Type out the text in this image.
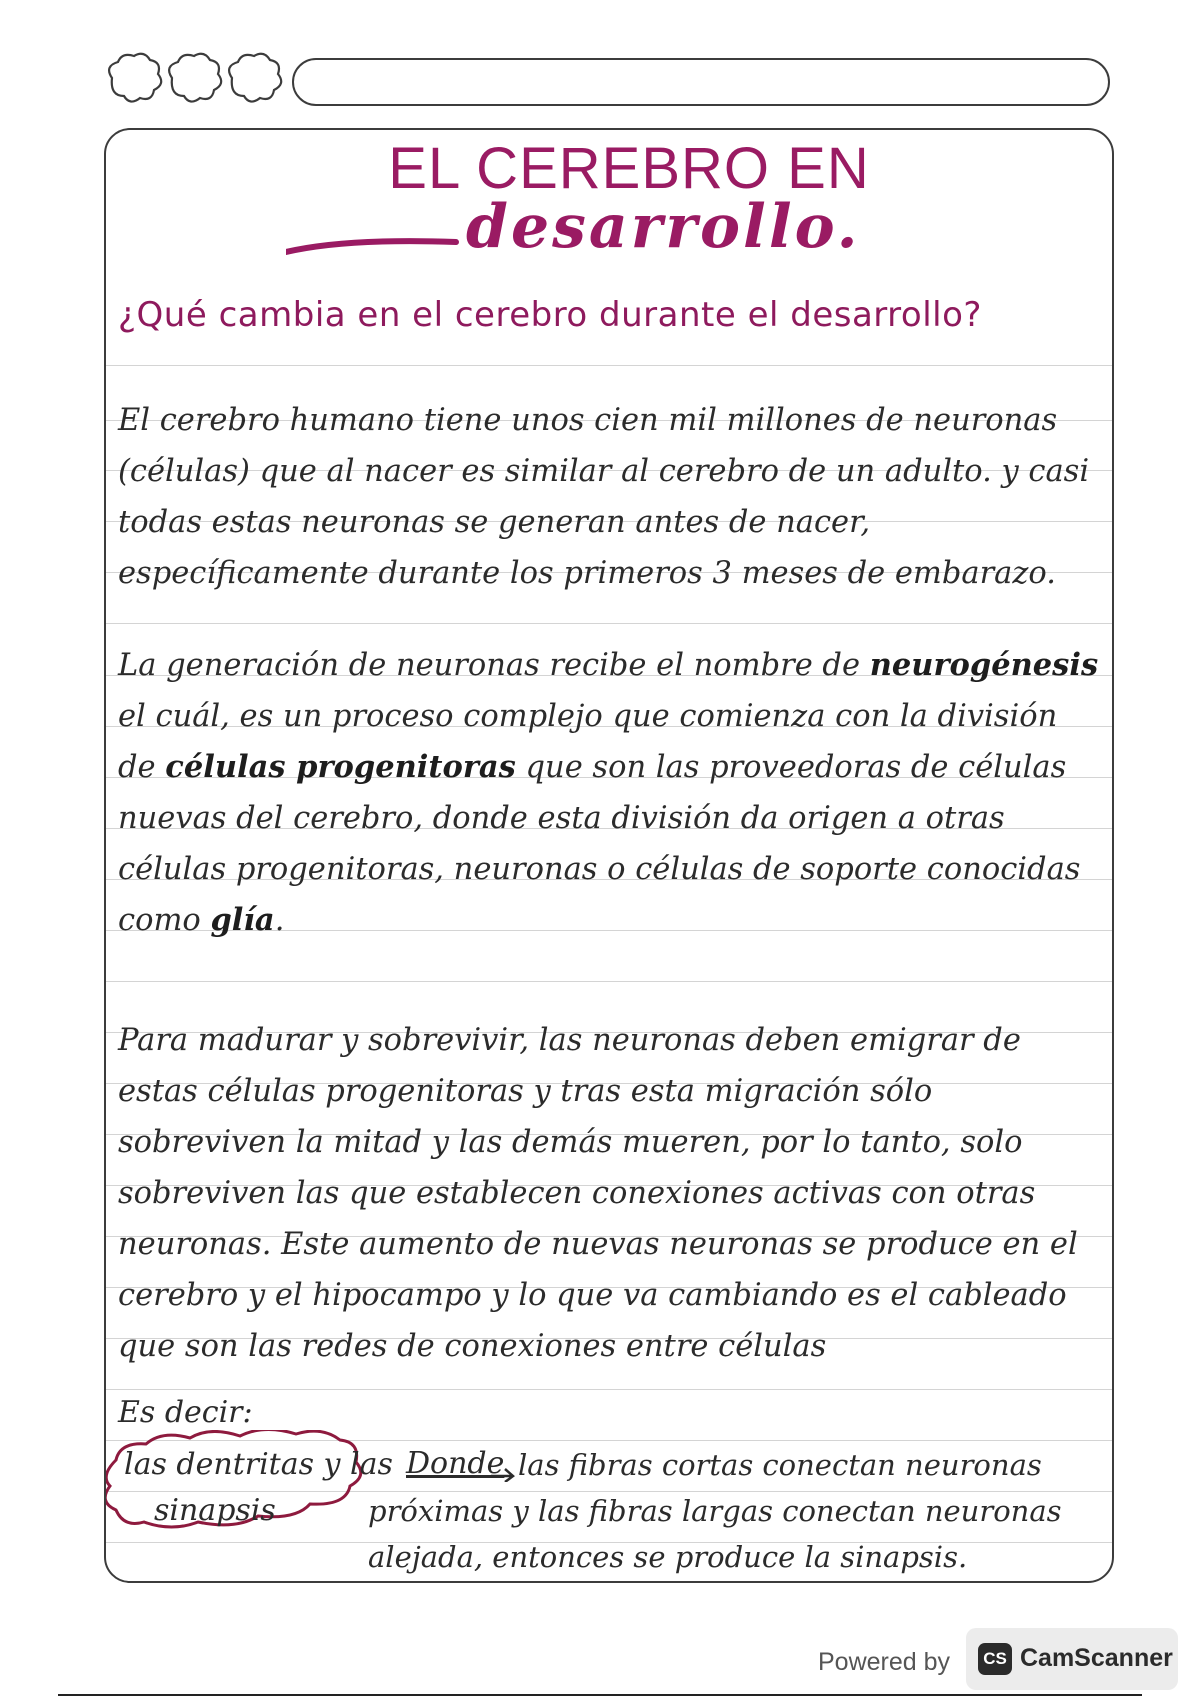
EL CEREBRO EN
desarrollo.
¿Qué cambia en el cerebro durante el desarrollo?
El cerebro humano tiene unos cien mil millones de neuronas (células) que al nacer es similar al cerebro de un adulto. y casi todas estas neuronas se generan antes de nacer, específicamente durante los primeros 3 meses de embarazo.
La generación de neuronas recibe el nombre de neurogénesis el cuál, es un proceso complejo que comienza con la división de células progenitoras que son las proveedoras de células nuevas del cerebro, donde esta división da origen a otras células progenitoras, neuronas o células de soporte conocidas como glía.
Para madurar y sobrevivir, las neuronas deben emigrar de estas células progenitoras y tras esta migración sólo sobreviven la mitad y las demás mueren, por lo tanto, solo sobreviven las que establecen conexiones activas con otras neuronas. Este aumento de nuevas neuronas se produce en el cerebro y el hipocampo y lo que va cambiando es el cableado que son las redes de conexiones entre células
Es decir:
las dentritas y las
sinapsis
Donde las fibras cortas conectan neuronas
próximas y las fibras largas conectan neuronas
alejada, entonces se produce la sinapsis.
Powered by	CS CamScanner
